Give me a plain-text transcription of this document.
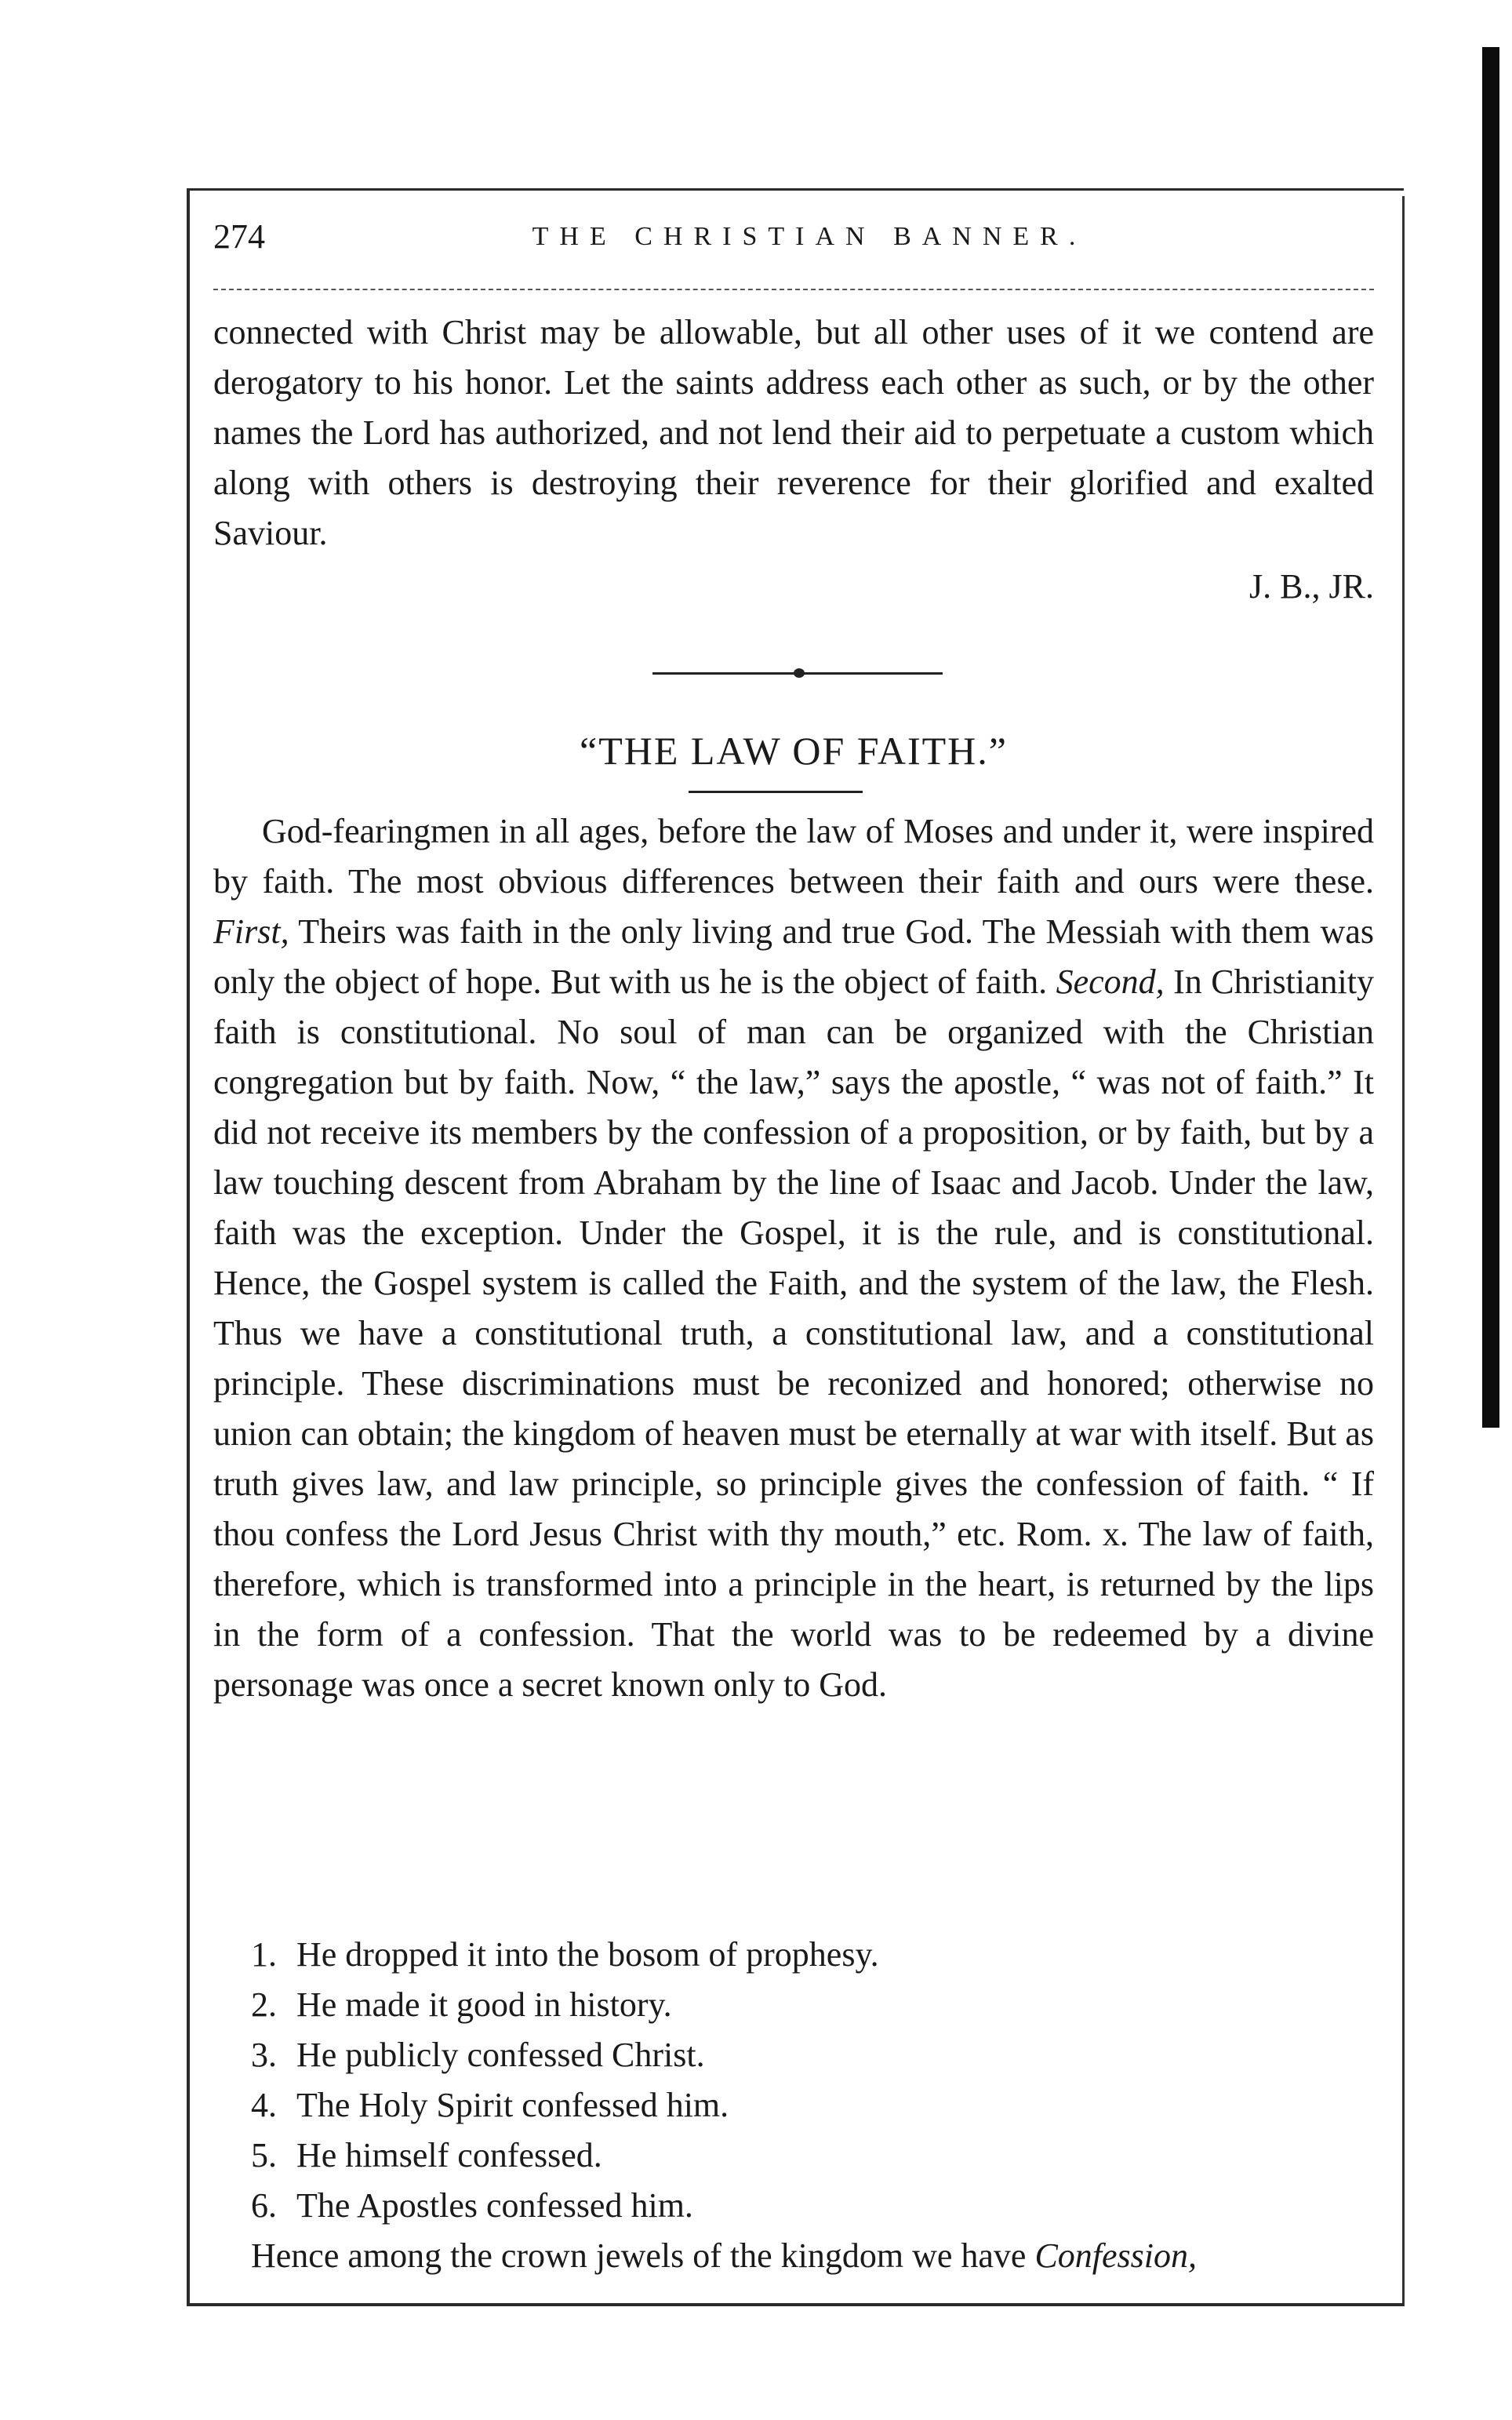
274	THE CHRISTIAN BANNER.
connected with Christ may be allowable, but all other uses of it we contend are derogatory to his honor. Let the saints address each other as such, or by the other names the Lord has authorized, and not lend their aid to perpetuate a custom which along with others is destroying their reverence for their glorified and exalted Saviour.
J. B., JR.
“THE LAW OF FAITH.”

God-fearingmen in all ages, before the law of Moses and under it, were inspired by faith. The most obvious differences between their faith and ours were these. First, Theirs was faith in the only living and true God. The Messiah with them was only the object of hope. But with us he is the object of faith. Second, In Christianity faith is constitutional. No soul of man can be organized with the Christian congregation but by faith. Now, “ the law,” says the apostle, “ was not of faith.” It did not receive its members by the confession of a proposition, or by faith, but by a law touching descent from Abraham by the line of Isaac and Jacob. Under the law, faith was the exception. Under the Gospel, it is the rule, and is constitutional. Hence, the Gospel system is called the Faith, and the system of the law, the Flesh. Thus we have a constitutional truth, a constitutional law, and a constitutional principle. These discriminations must be reconized and honored; otherwise no union can obtain; the kingdom of heaven must be eternally at war with itself. But as truth gives law, and law principle, so principle gives the confession of faith. “ If thou confess the Lord Jesus Christ with thy mouth,” etc. Rom. x. The law of faith, therefore, which is transformed into a principle in the heart, is returned by the lips in the form of a confession. That the world was to be redeemed by a divine personage was once a secret known only to God.

1. He dropped it into the bosom of prophesy.
2. He made it good in history.
3. He publicly confessed Christ.
4. The Holy Spirit confessed him.
5. He himself confessed.
6. The Apostles confessed him.
Hence among the crown jewels of the kingdom we have Confession,
